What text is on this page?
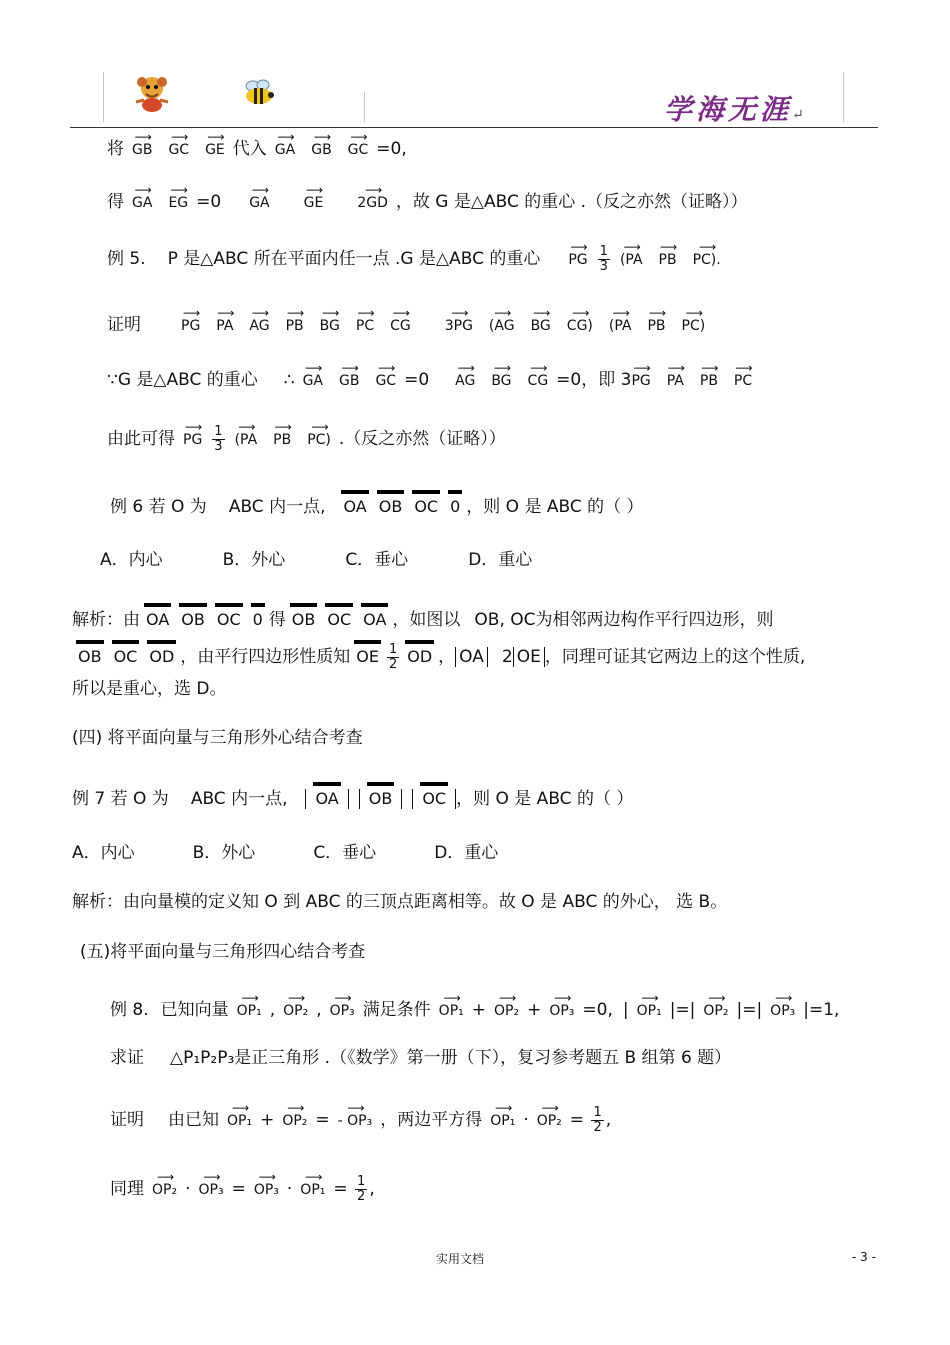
学海无涯↵
将 ⟶ GB ⟶ GC ⟶ GE 代入 ⟶ GA ⟶ GB ⟶ GC =0,
得 ⟶ GA ⟶ EG =0 ⟶ GA ⟶ GE ⟶ 2GD ，故 G 是△ABC 的重心 .（反之亦然（证略））
例 5. P 是△ABC 所在平面内任一点 .G 是△ABC 的重心 ⟶ PG $\frac{1}{3}$ ⟶ (PA ⟶ PB ⟶ PC).
证明	⟶ PG ⟶ PA ⟶ AG ⟶ PB ⟶ BG ⟶ PC ⟶ CG ⟶ 3PG ⟶ (AG ⟶ BG ⟶ CG) ⟶ (PA ⟶ PB ⟶ PC)
∵G 是△ABC 的重心 ∴ ⟶ GA ⟶ GB ⟶ GC =0 ⟶ AG ⟶ BG ⟶ CG =0，即 3⟶ PG ⟶ PA ⟶ PB ⟶ PC
由此可得 ⟶ PG $\frac{1}{3}$ ⟶ (PA ⟶ PB ⟶ PC) .（反之亦然（证略））
例 6 若 O 为 ABC 内一点, OA OB OC 0 ，则 O 是 ABC 的（ ）
A．内心	B．外心	C．垂心	D．重心
解析：由 OA OB OC 0 得 OB OC OA ，如图以 OB, OC为相邻两边构作平行四边形，则
OB OC OD ，由平行四边形性质知 OE $\frac{1}{2}$ OD ， OA 2 OE ，同理可证其它两边上的这个性质,
所以是重心，选 D。
(四) 将平面向量与三角形外心结合考查
例 7 若 O 为 ABC 内一点, OA OB OC ，则 O 是 ABC 的（ ）
A．内心	B．外心	C．垂心	D．重心
解析：由向量模的定义知 O 到 ABC 的三顶点距离相等。故 O 是 ABC 的外心， 选 B。
(五)将平面向量与三角形四心结合考查
例 8. 已知向量 ⟶ OP₁ , ⟶ OP₂ , ⟶ OP₃ 满足条件 ⟶ OP₁ + ⟶ OP₂ + ⟶ OP₃ =0, | ⟶ OP₁ |=| ⟶ OP₂ |=| ⟶ OP₃ |=1,
求证 △P₁P₂P₃是正三角形 .（《数学》第一册（下），复习参考题五 B 组第 6 题）
证明 由已知 ⟶ OP₁ + ⟶ OP₂ = ⟶ - OP₃ ，两边平方得 ⟶ OP₁ · ⟶ $OP_2 = \frac{1}{2}$ ,
同理 ⟶ OP₂ · ⟶ OP₃ = ⟶ OP₃ · ⟶ $OP_1 = \frac{1}{2}$ ,
实用文档	- 3 -
